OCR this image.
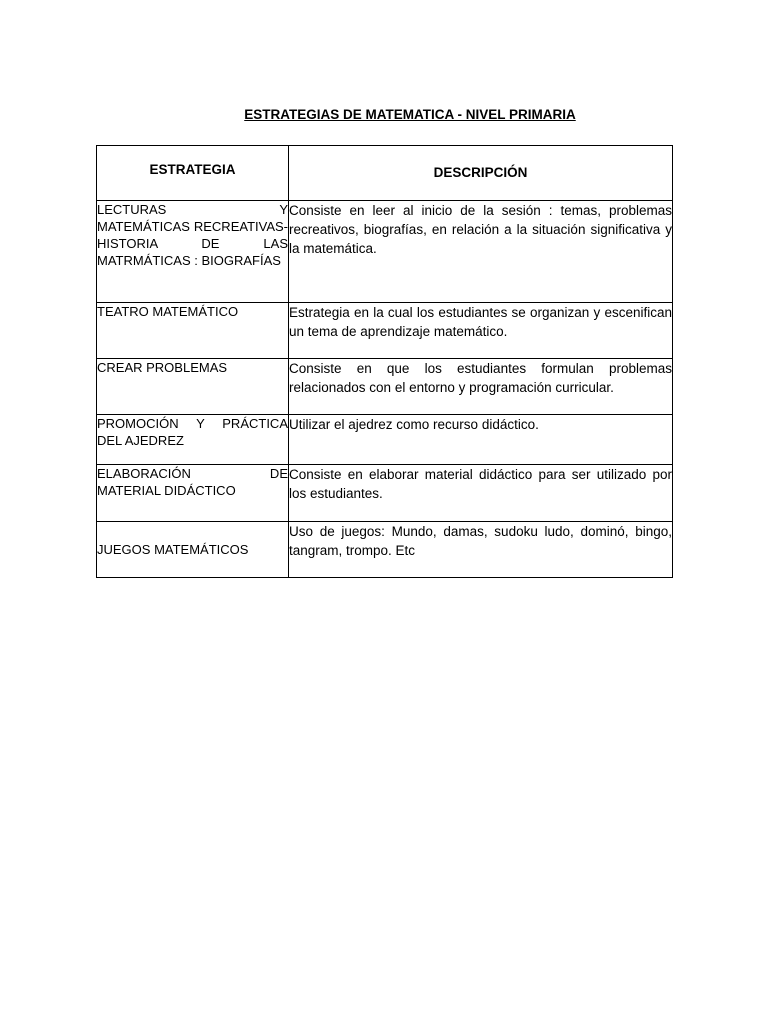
ESTRATEGIAS DE MATEMATICA - NIVEL PRIMARIA
ESTRATEGIA	DESCRIPCIÓN

LECTURAS Y
MATEMÁTICAS RECREATIVAS- HISTORIA DE LAS MATRMÁTICAS : BIOGRAFÍAS	Consiste en leer al inicio de la sesión : temas, problemas recreativos, biografías, en relación a la situación significativa y la matemática.
TEATRO MATEMÁTICO	Estrategia en la cual los estudiantes se organizan y escenifican un tema de aprendizaje matemático.
CREAR PROBLEMAS	Consiste en que los estudiantes formulan problemas relacionados con el entorno y programación curricular.

PROMOCIÓN Y PRÁCTICA
DEL AJEDREZ	Utilizar el ajedrez como recurso didáctico.

ELABORACIÓN DE
MATERIAL DIDÁCTICO	Consiste en elaborar material didáctico para ser utilizado por los estudiantes.
JUEGOS MATEMÁTICOS	Uso de juegos: Mundo, damas, sudoku ludo, dominó, bingo, tangram, trompo. Etc
